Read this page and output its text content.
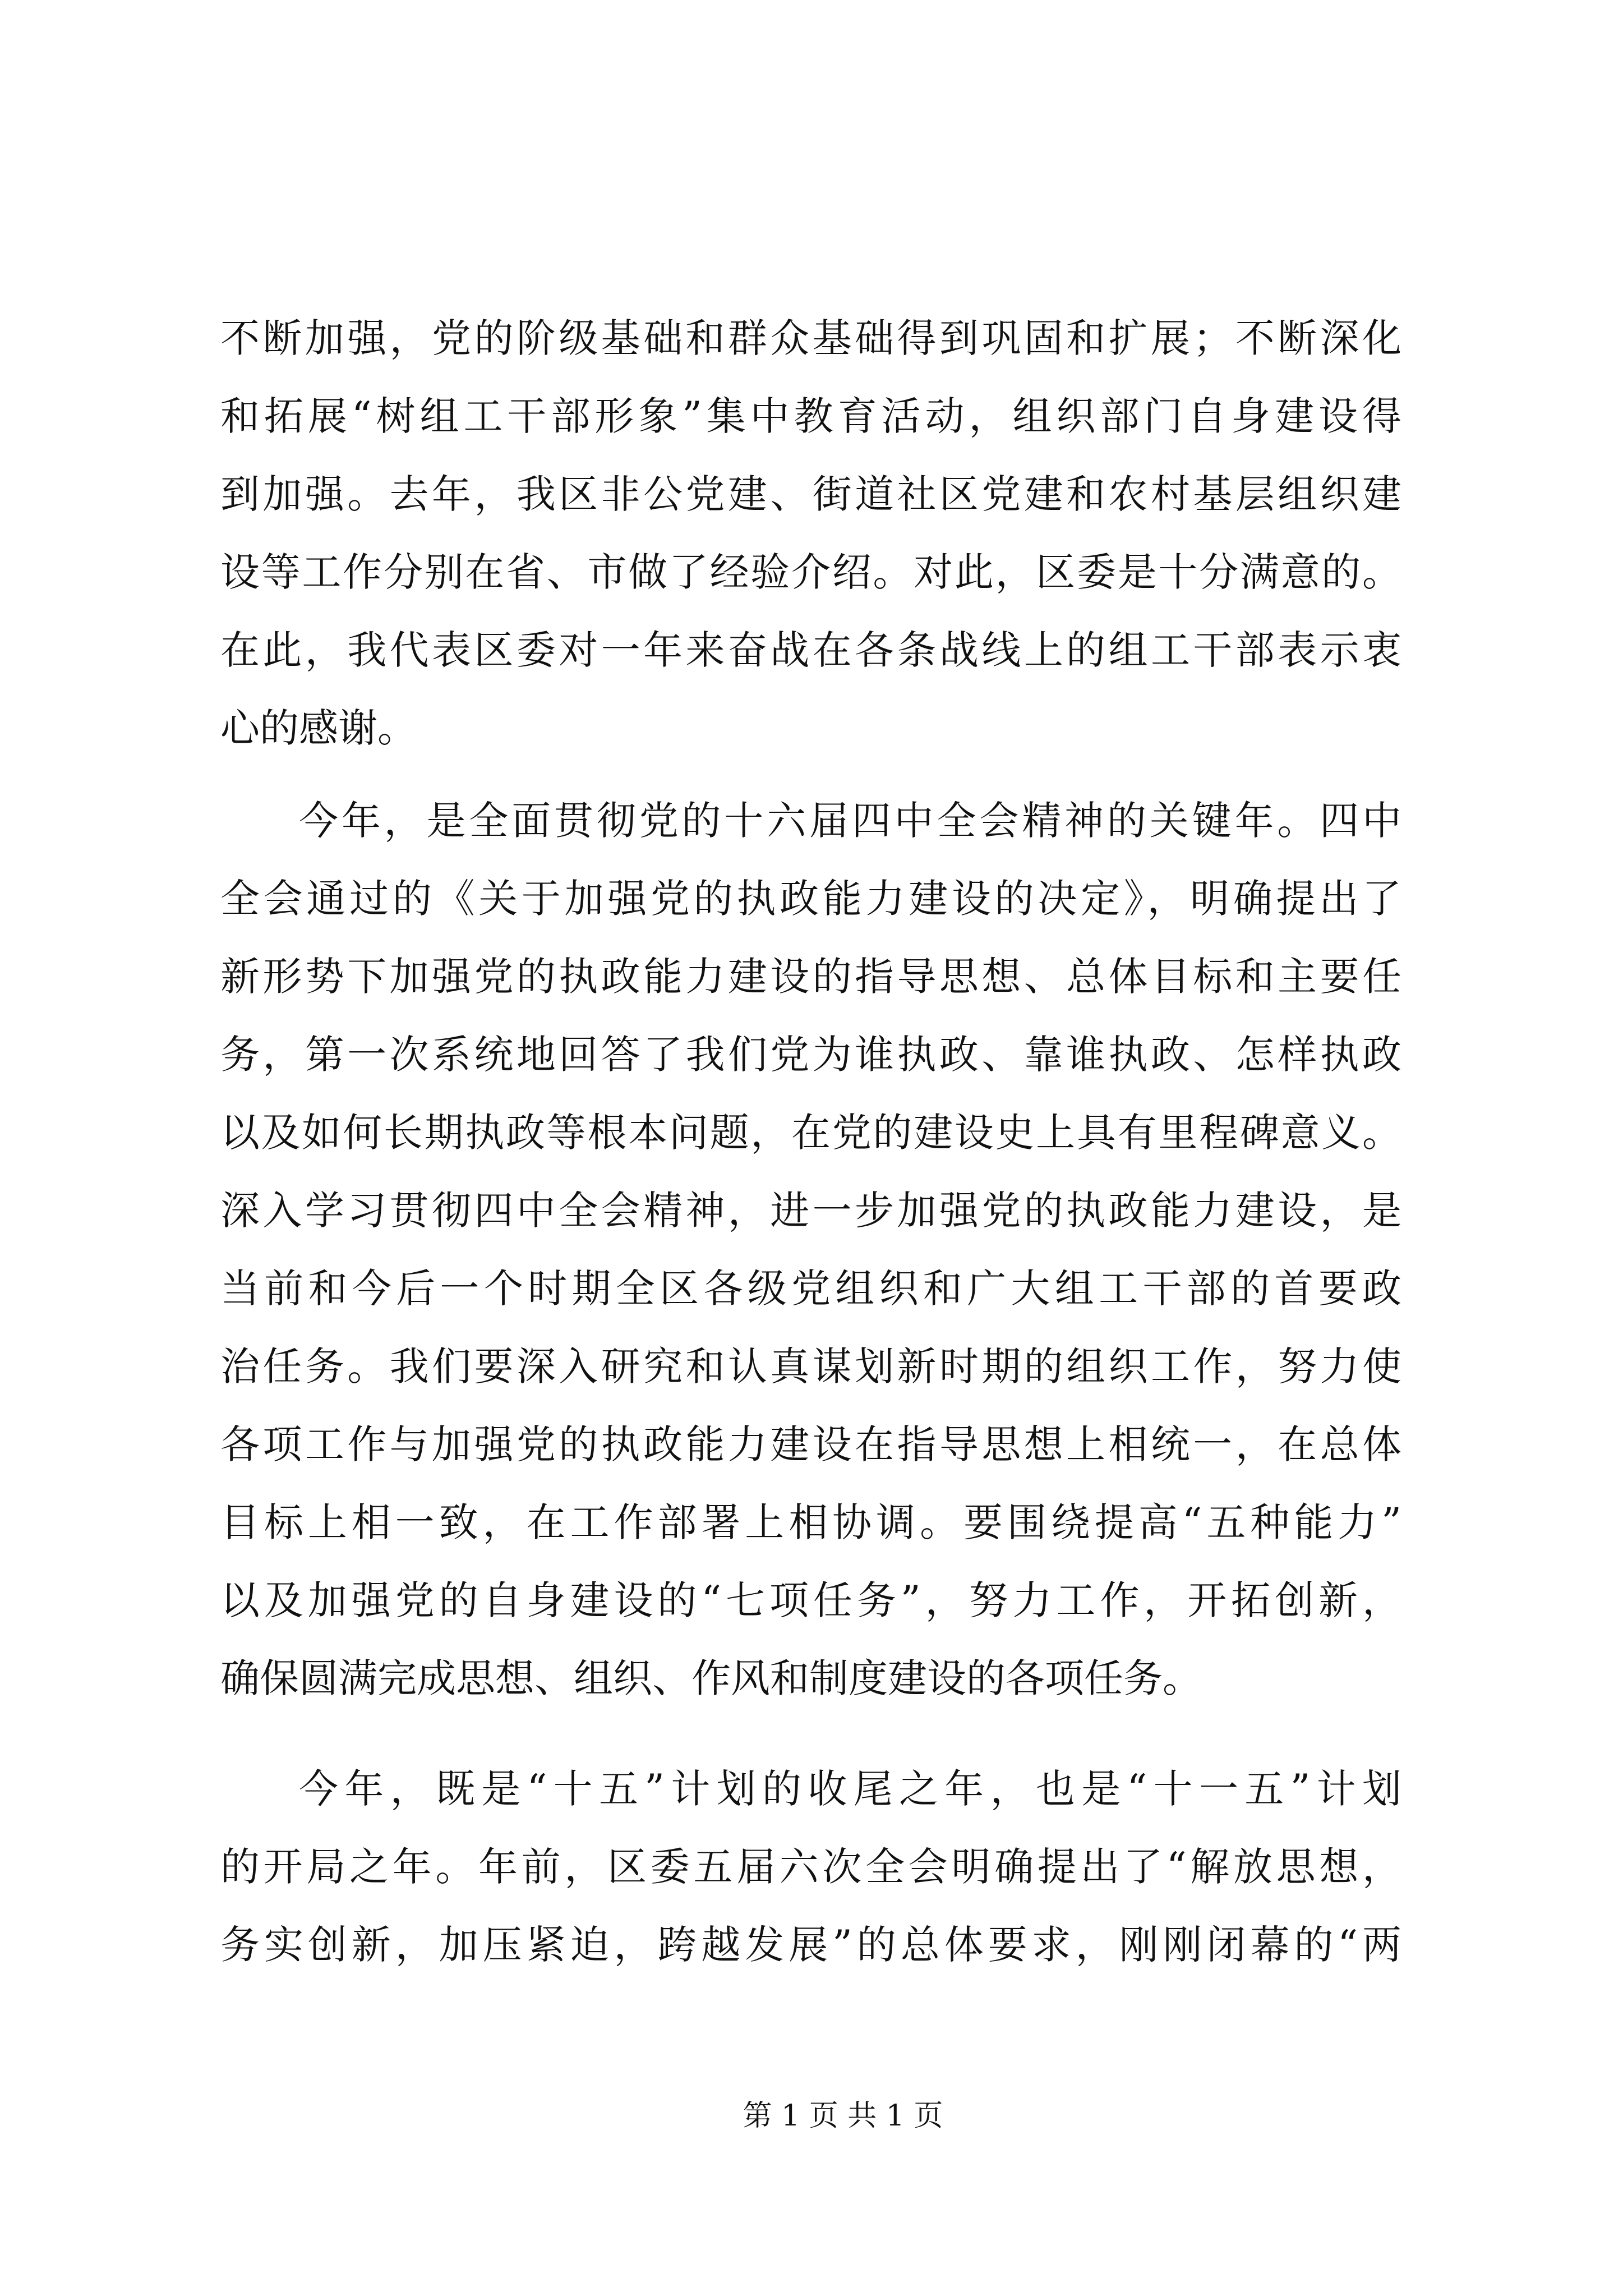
不断加强，党的阶级基础和群众基础得到巩固和扩展；不断深化
和拓展“树组工干部形象”集中教育活动，组织部门自身建设得
到加强。去年，我区非公党建、街道社区党建和农村基层组织建
设等工作分别在省、市做了经验介绍。对此，区委是十分满意的。
在此，我代表区委对一年来奋战在各条战线上的组工干部表示衷
心的感谢。
今年，是全面贯彻党的十六届四中全会精神的关键年。四中
全会通过的《关于加强党的执政能力建设的决定》，明确提出了
新形势下加强党的执政能力建设的指导思想、总体目标和主要任
务，第一次系统地回答了我们党为谁执政、靠谁执政、怎样执政
以及如何长期执政等根本问题，在党的建设史上具有里程碑意义。
深入学习贯彻四中全会精神，进一步加强党的执政能力建设，是
当前和今后一个时期全区各级党组织和广大组工干部的首要政
治任务。我们要深入研究和认真谋划新时期的组织工作，努力使
各项工作与加强党的执政能力建设在指导思想上相统一，在总体
目标上相一致，在工作部署上相协调。要围绕提高“五种能力”
以及加强党的自身建设的“七项任务”，努力工作，开拓创新，
确保圆满完成思想、组织、作风和制度建设的各项任务。
今年，既是“十五”计划的收尾之年，也是“十一五”计划
的开局之年。年前，区委五届六次全会明确提出了“解放思想，
务实创新，加压紧迫，跨越发展”的总体要求，刚刚闭幕的“两
第 1 页 共 1 页
